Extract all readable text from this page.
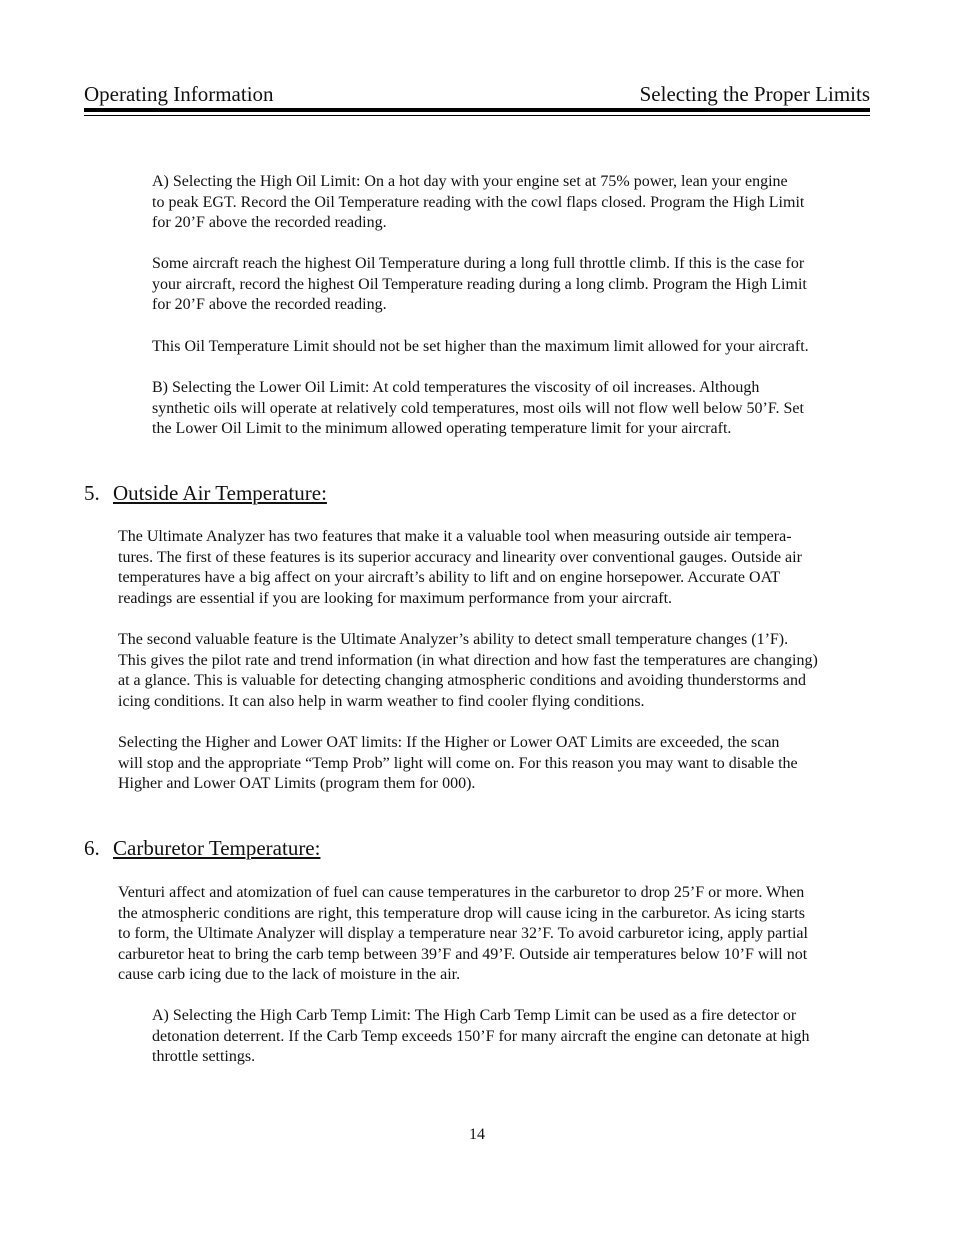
Operating Information	Selecting the Proper Limits
A) Selecting the High Oil Limit: On a hot day with your engine set at 75% power, lean your engine
to peak EGT. Record the Oil Temperature reading with the cowl flaps closed. Program the High Limit
for 20’F above the recorded reading.
Some aircraft reach the highest Oil Temperature during a long full throttle climb. If this is the case for
your aircraft, record the highest Oil Temperature reading during a long climb. Program the High Limit
for 20’F above the recorded reading.
This Oil Temperature Limit should not be set higher than the maximum limit allowed for your aircraft.
B) Selecting the Lower Oil Limit: At cold temperatures the viscosity of oil increases. Although
synthetic oils will operate at relatively cold temperatures, most oils will not flow well below 50’F. Set
the Lower Oil Limit to the minimum allowed operating temperature limit for your aircraft.
5. Outside Air Temperature:
The Ultimate Analyzer has two features that make it a valuable tool when measuring outside air tempera-
tures. The first of these features is its superior accuracy and linearity over conventional gauges. Outside air
temperatures have a big affect on your aircraft’s ability to lift and on engine horsepower. Accurate OAT
readings are essential if you are looking for maximum performance from your aircraft.
The second valuable feature is the Ultimate Analyzer’s ability to detect small temperature changes (1’F).
This gives the pilot rate and trend information (in what direction and how fast the temperatures are changing)
at a glance. This is valuable for detecting changing atmospheric conditions and avoiding thunderstorms and
icing conditions. It can also help in warm weather to find cooler flying conditions.
Selecting the Higher and Lower OAT limits: If the Higher or Lower OAT Limits are exceeded, the scan
will stop and the appropriate “Temp Prob” light will come on. For this reason you may want to disable the
Higher and Lower OAT Limits (program them for 000).
6. Carburetor Temperature:
Venturi affect and atomization of fuel can cause temperatures in the carburetor to drop 25’F or more. When
the atmospheric conditions are right, this temperature drop will cause icing in the carburetor. As icing starts
to form, the Ultimate Analyzer will display a temperature near 32’F. To avoid carburetor icing, apply partial
carburetor heat to bring the carb temp between 39’F and 49’F. Outside air temperatures below 10’F will not
cause carb icing due to the lack of moisture in the air.
A) Selecting the High Carb Temp Limit: The High Carb Temp Limit can be used as a fire detector or
detonation deterrent. If the Carb Temp exceeds 150’F for many aircraft the engine can detonate at high
throttle settings.
14
